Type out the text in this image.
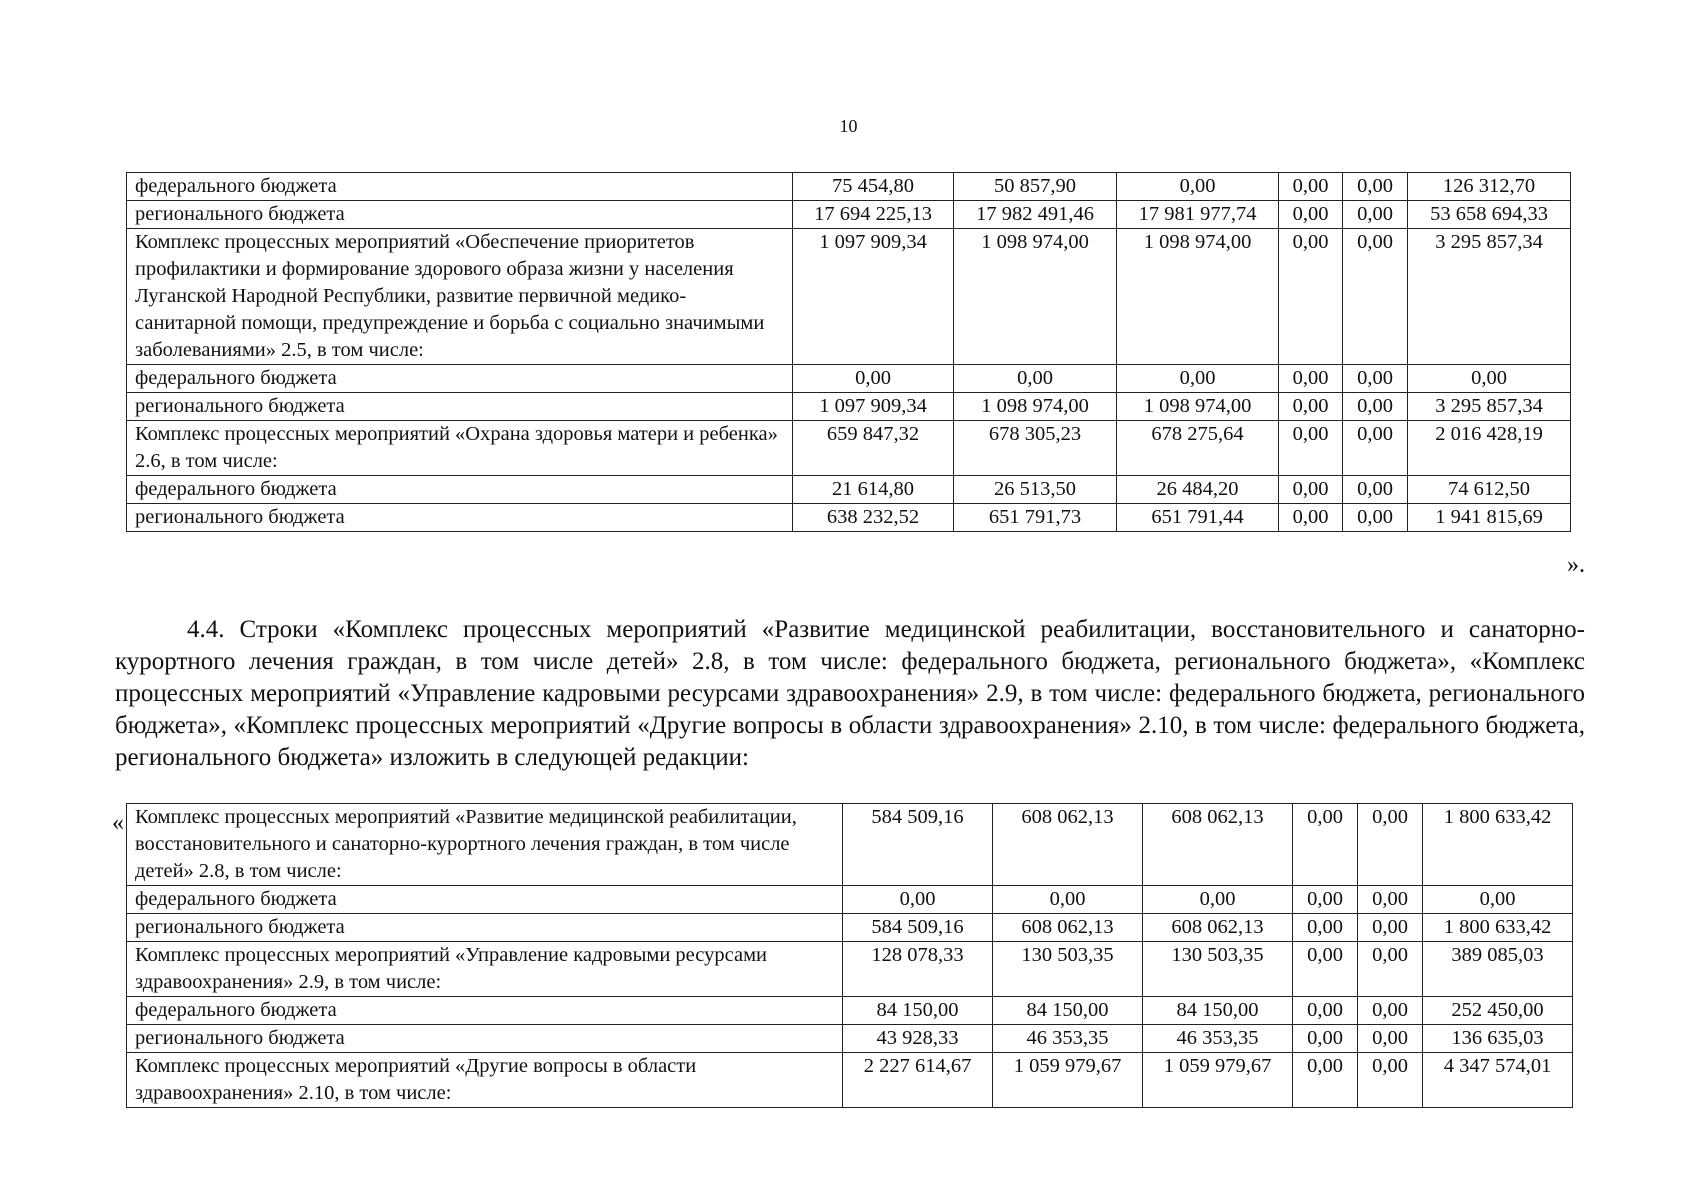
10
федерального бюджета	75 454,80	50 857,90	0,00	0,00	0,00	126 312,70
регионального бюджета	17 694 225,13	17 982 491,46	17 981 977,74	0,00	0,00	53 658 694,33
Комплекс процессных мероприятий «Обеспечение приоритетов профилактики и формирование здорового образа жизни у населения Луганской Народной Республики, развитие первичной медико-санитарной помощи, предупреждение и борьба с социально значимыми заболеваниями» 2.5, в том числе:	1 097 909,34	1 098 974,00	1 098 974,00	0,00	0,00	3 295 857,34
федерального бюджета	0,00	0,00	0,00	0,00	0,00	0,00
регионального бюджета	1 097 909,34	1 098 974,00	1 098 974,00	0,00	0,00	3 295 857,34
Комплекс процессных мероприятий «Охрана здоровья матери и ребенка» 2.6, в том числе:	659 847,32	678 305,23	678 275,64	0,00	0,00	2 016 428,19
федерального бюджета	21 614,80	26 513,50	26 484,20	0,00	0,00	74 612,50
регионального бюджета	638 232,52	651 791,73	651 791,44	0,00	0,00	1 941 815,69
».

4.4. Строки «Комплекс процессных мероприятий «Развитие медицинской реабилитации, восстановительного и санаторно-курортного лечения граждан, в том числе детей» 2.8, в том числе: федерального бюджета, регионального бюджета», «Комплекс процессных мероприятий «Управление кадровыми ресурсами здравоохранения» 2.9, в том числе: федерального бюджета, регионального бюджета», «Комплекс процессных мероприятий «Другие вопросы в области здравоохранения» 2.10, в том числе: федерального бюджета, регионального бюджета» изложить в следующей редакции:

« Комплекс процессных мероприятий «Развитие медицинской реабилитации, восстановительного и санаторно-курортного лечения граждан, в том числе детей» 2.8, в том числе:	584 509,16	608 062,13	608 062,13	0,00	0,00	1 800 633,42
федерального бюджета	0,00	0,00	0,00	0,00	0,00	0,00
регионального бюджета	584 509,16	608 062,13	608 062,13	0,00	0,00	1 800 633,42
Комплекс процессных мероприятий «Управление кадровыми ресурсами здравоохранения» 2.9, в том числе:	128 078,33	130 503,35	130 503,35	0,00	0,00	389 085,03
федерального бюджета	84 150,00	84 150,00	84 150,00	0,00	0,00	252 450,00
регионального бюджета	43 928,33	46 353,35	46 353,35	0,00	0,00	136 635,03
Комплекс процессных мероприятий «Другие вопросы в области здравоохранения» 2.10, в том числе:	2 227 614,67	1 059 979,67	1 059 979,67	0,00	0,00	4 347 574,01
